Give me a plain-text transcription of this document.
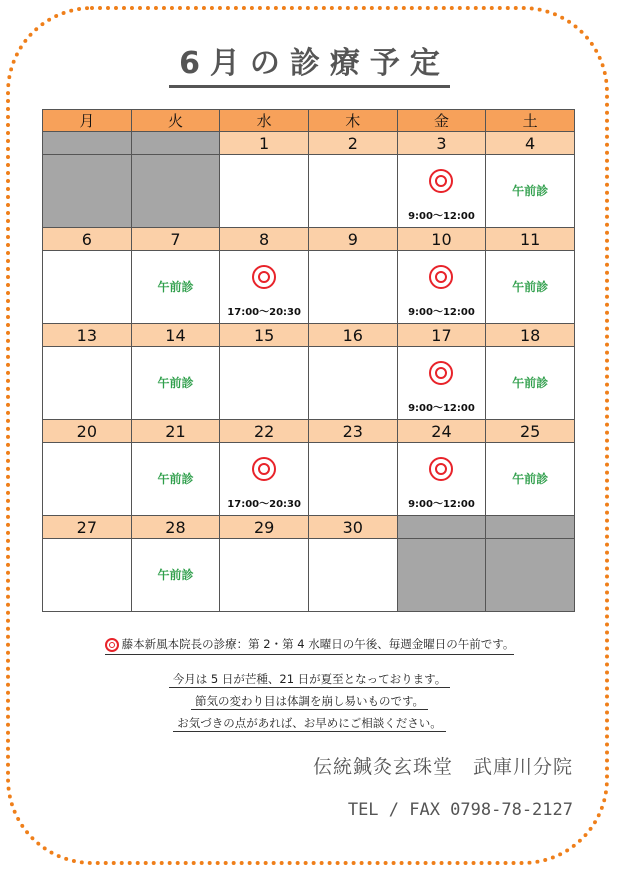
6月の診療予定
月	火	水	木	金	土
		1	2	3	4

				9:00～12:00	午前診

6	7	8	9	10	11

	午前診	17:00～20:30		9:00～12:00	午前診

13	14	15	16	17	18

	午前診			9:00～12:00	午前診

20	21	22	23	24	25

	午前診	17:00～20:30		9:00～12:00	午前診

27	28	29	30		

	午前診				

藤本新風本院長の診療：第 2・第 4 水曜日の午後、毎週金曜日の午前です。
今月は 5 日が芒種、21 日が夏至となっております。
節気の変わり目は体調を崩し易いものです。
お気づきの点があれば、お早めにご相談ください。
伝統鍼灸玄珠堂　武庫川分院
TEL / FAX 0798-78-2127
